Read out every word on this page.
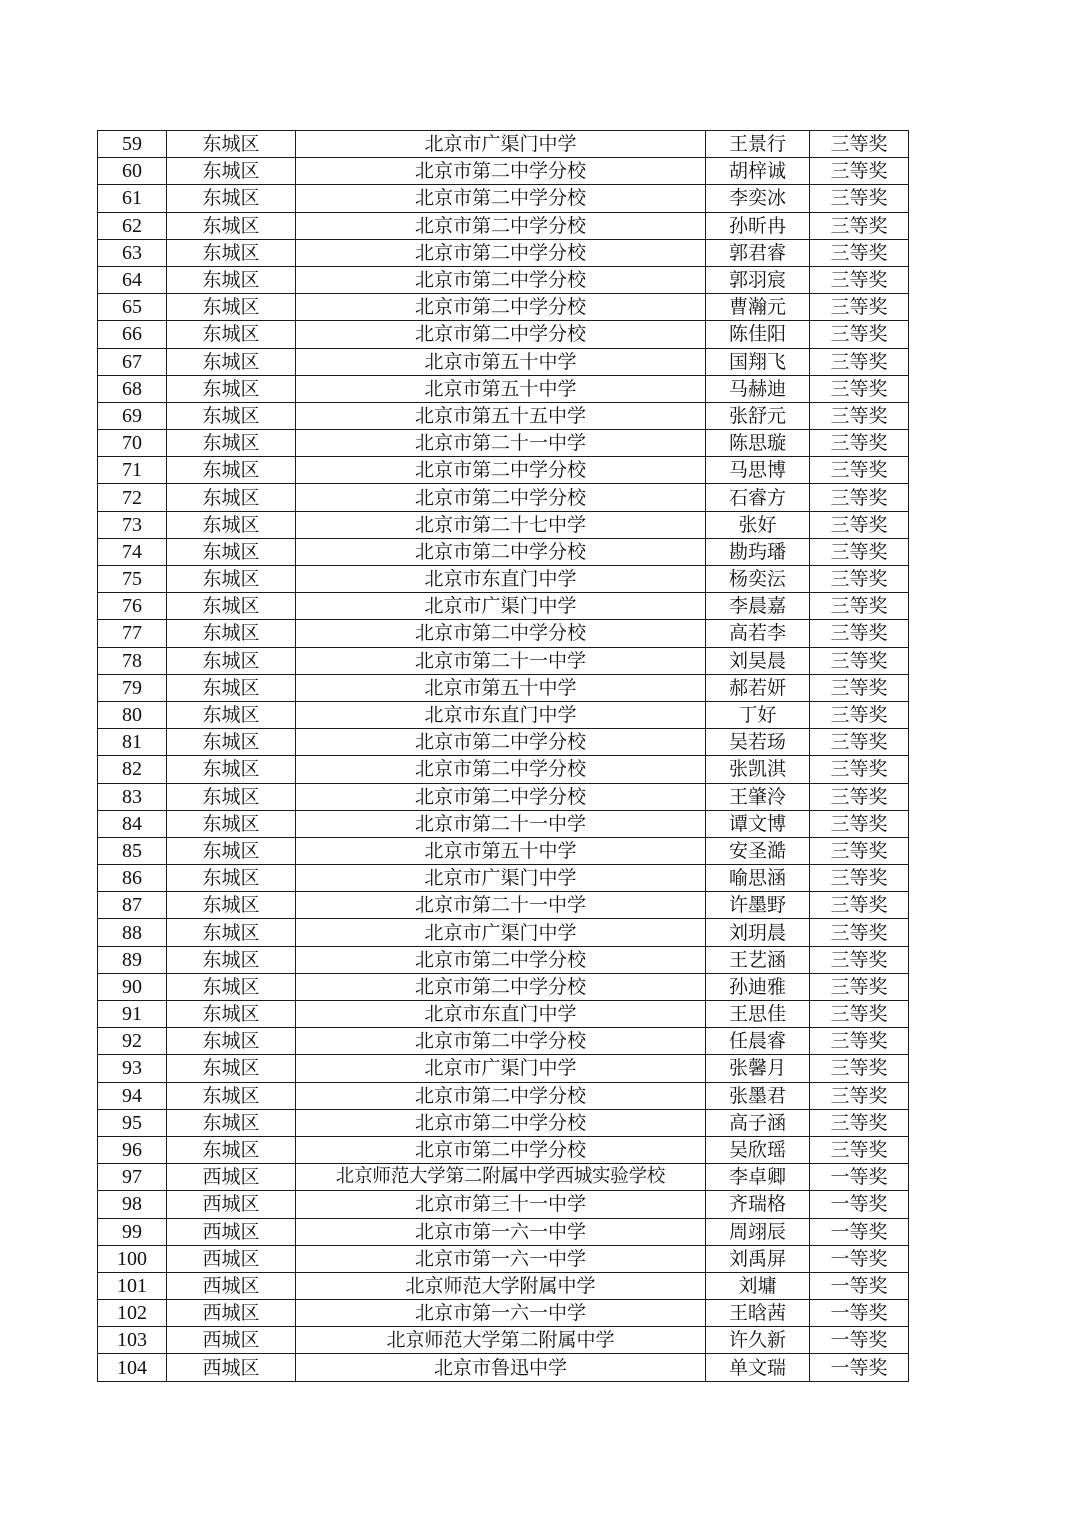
59	东城区	北京市广渠门中学	王景行	三等奖
60	东城区	北京市第二中学分校	胡梓诚	三等奖
61	东城区	北京市第二中学分校	李奕冰	三等奖
62	东城区	北京市第二中学分校	孙昕冉	三等奖
63	东城区	北京市第二中学分校	郭君睿	三等奖
64	东城区	北京市第二中学分校	郭羽宸	三等奖
65	东城区	北京市第二中学分校	曹瀚元	三等奖
66	东城区	北京市第二中学分校	陈佳阳	三等奖
67	东城区	北京市第五十中学	国翔飞	三等奖
68	东城区	北京市第五十中学	马赫迪	三等奖
69	东城区	北京市第五十五中学	张舒元	三等奖
70	东城区	北京市第二十一中学	陈思璇	三等奖
71	东城区	北京市第二中学分校	马思博	三等奖
72	东城区	北京市第二中学分校	石睿方	三等奖
73	东城区	北京市第二十七中学	张好	三等奖
74	东城区	北京市第二中学分校	勘玙璠	三等奖
75	东城区	北京市东直门中学	杨奕沄	三等奖
76	东城区	北京市广渠门中学	李晨嘉	三等奖
77	东城区	北京市第二中学分校	高若李	三等奖
78	东城区	北京市第二十一中学	刘昊晨	三等奖
79	东城区	北京市第五十中学	郝若妍	三等奖
80	东城区	北京市东直门中学	丁好	三等奖
81	东城区	北京市第二中学分校	吴若玚	三等奖
82	东城区	北京市第二中学分校	张凯淇	三等奖
83	东城区	北京市第二中学分校	王肇泠	三等奖
84	东城区	北京市第二十一中学	谭文博	三等奖
85	东城区	北京市第五十中学	安圣澔	三等奖
86	东城区	北京市广渠门中学	喻思涵	三等奖
87	东城区	北京市第二十一中学	许墨野	三等奖
88	东城区	北京市广渠门中学	刘玥晨	三等奖
89	东城区	北京市第二中学分校	王艺涵	三等奖
90	东城区	北京市第二中学分校	孙迪雅	三等奖
91	东城区	北京市东直门中学	王思佳	三等奖
92	东城区	北京市第二中学分校	任晨睿	三等奖
93	东城区	北京市广渠门中学	张馨月	三等奖
94	东城区	北京市第二中学分校	张墨君	三等奖
95	东城区	北京市第二中学分校	高子涵	三等奖
96	东城区	北京市第二中学分校	吴欣瑶	三等奖
97	西城区	北京师范大学第二附属中学西城实验学校	李卓卿	一等奖
98	西城区	北京市第三十一中学	齐瑞格	一等奖
99	西城区	北京市第一六一中学	周翊辰	一等奖
100	西城区	北京市第一六一中学	刘禹屏	一等奖
101	西城区	北京师范大学附属中学	刘墉	一等奖
102	西城区	北京市第一六一中学	王晗茜	一等奖
103	西城区	北京师范大学第二附属中学	许久新	一等奖
104	西城区	北京市鲁迅中学	单文瑞	一等奖
